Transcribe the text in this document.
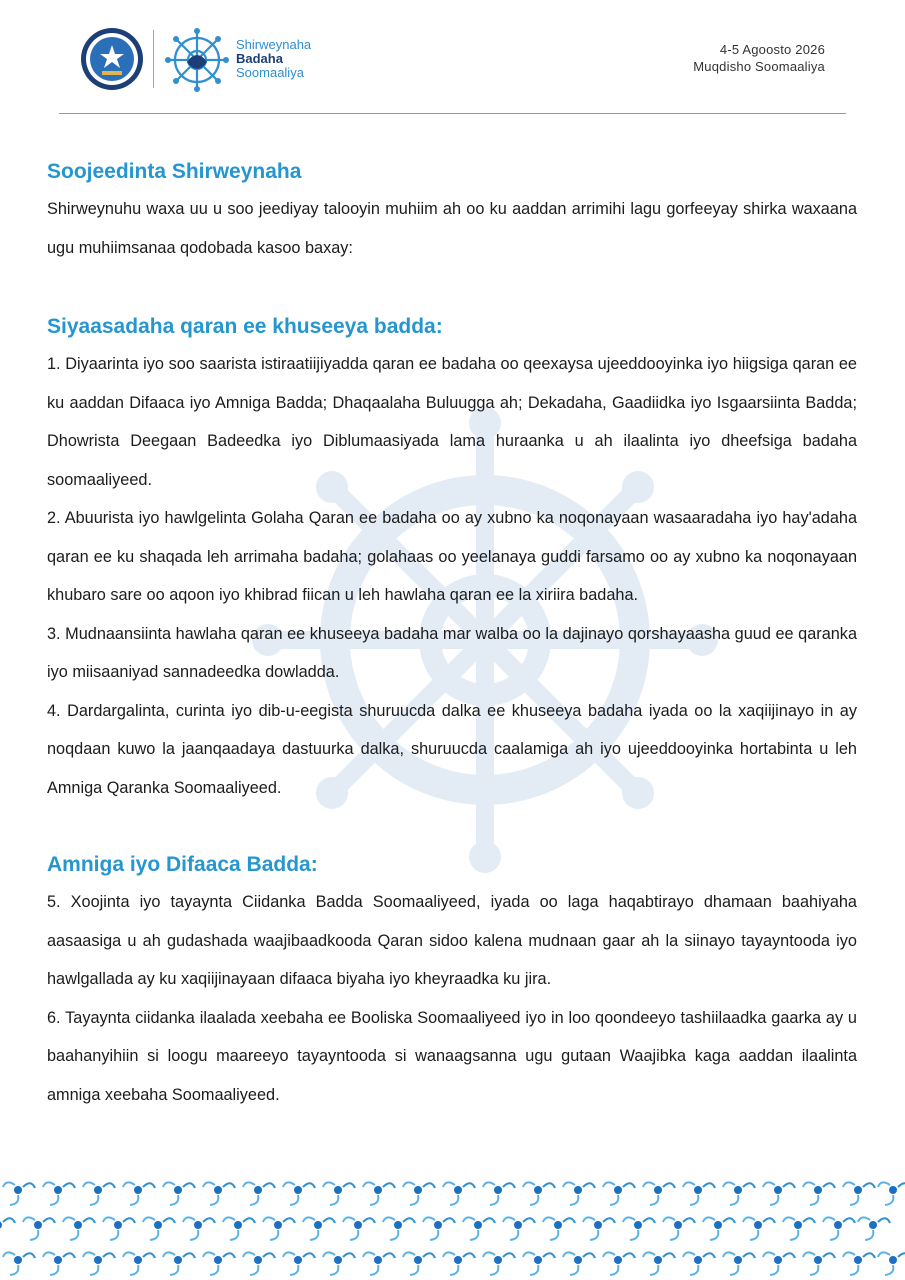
Shirweynaha
Badaha
Soomaaliya
4-5 Agoosto 2026
Muqdisho Soomaaliya
Soojeedinta Shirweynaha

Shirweynuhu waxa uu u soo jeediyay talooyin muhiim ah oo ku aaddan arrimihi lagu gorfeeyay shirka waxaana ugu muhiimsanaa qodobada kasoo baxay:

Siyaasadaha qaran ee khuseeya badda:

1. Diyaarinta iyo soo saarista istiraatiijiyadda qaran ee badaha oo qeexaysa ujeeddooyinka iyo hiigsiga qaran ee ku aaddan Difaaca iyo Amniga Badda; Dhaqaalaha Buluugga ah; Dekadaha, Gaadiidka iyo Isgaarsiinta Badda; Dhowrista Deegaan Badeedka iyo Diblumaasiyada lama huraanka u ah ilaalinta iyo dheefsiga badaha soomaaliyeed.

2. Abuurista iyo hawlgelinta Golaha Qaran ee badaha oo ay xubno ka noqonayaan wasaaradaha iyo hay'adaha qaran ee ku shaqada leh arrimaha badaha; golahaas oo yeelanaya guddi farsamo oo ay xubno ka noqonayaan khubaro sare oo aqoon iyo khibrad fiican u leh hawlaha qaran ee la xiriira badaha.

3. Mudnaansiinta hawlaha qaran ee khuseeya badaha mar walba oo la dajinayo qorshayaasha guud ee qaranka iyo miisaaniyad sannadeedka dowladda.

4. Dardargalinta, curinta iyo dib-u-eegista shuruucda dalka ee khuseeya badaha iyada oo la xaqiijinayo in ay noqdaan kuwo la jaanqaadaya dastuurka dalka, shuruucda caalamiga ah iyo ujeeddooyinka hortabinta u leh Amniga Qaranka Soomaaliyeed.

Amniga iyo Difaaca Badda:

5. Xoojinta iyo tayaynta Ciidanka Badda Soomaaliyeed, iyada oo laga haqabtirayo dhamaan baahiyaha aasaasiga u ah gudashada waajibaadkooda Qaran sidoo kalena mudnaan gaar ah la siinayo tayayntooda iyo hawlgallada ay ku xaqiijinayaan difaaca biyaha iyo kheyraadka ku jira.

6. Tayaynta ciidanka ilaalada xeebaha ee Booliska Soomaaliyeed iyo in loo qoondeeyo tashiilaadka gaarka ay u baahanyihiin si loogu maareeyo tayayntooda si wanaagsanna ugu gutaan Waajibka kaga aaddan ilaalinta amniga xeebaha Soomaaliyeed.
